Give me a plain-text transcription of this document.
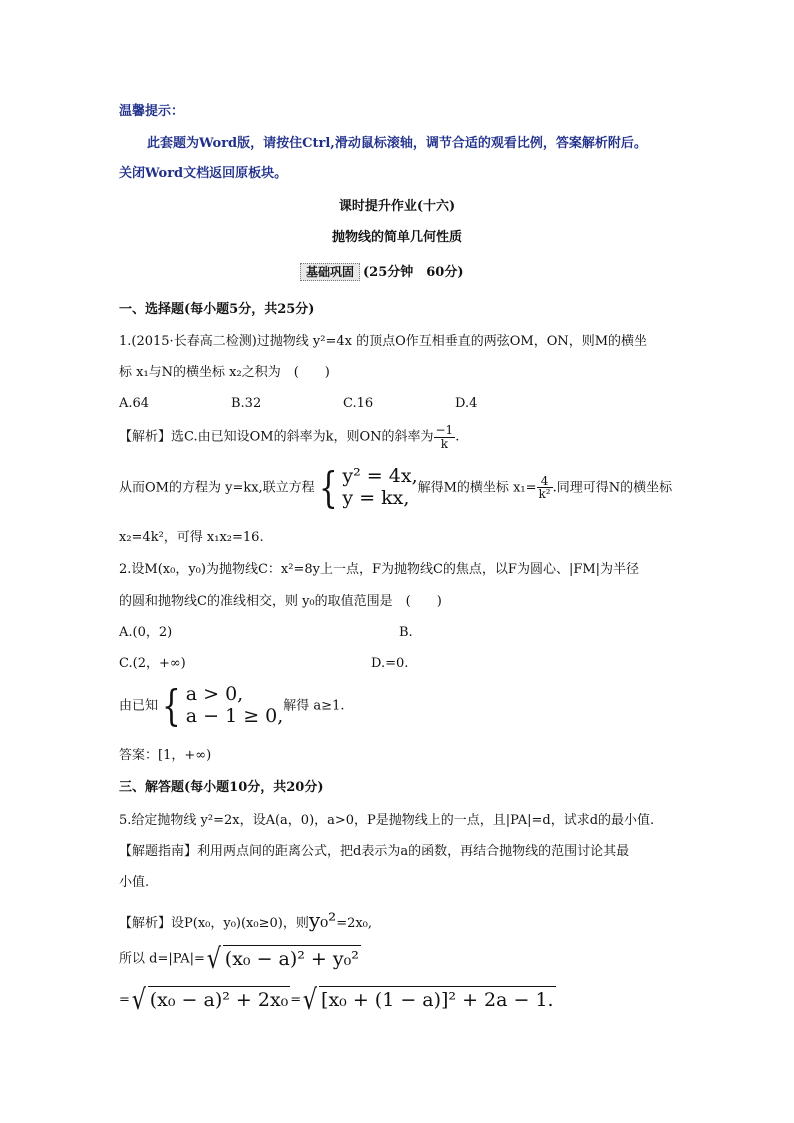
温馨提示：
此套题为Word版，请按住Ctrl,滑动鼠标滚轴，调节合适的观看比例，答案解析附后。
关闭Word文档返回原板块。
课时提升作业(十六)
抛物线的简单几何性质
基础巩固 (25分钟　60分)
一、选择题(每小题5分，共25分)
1.(2015·长春高二检测)过抛物线 y²=4x 的顶点O作互相垂直的两弦OM，ON，则M的横坐
标 x₁与N的横坐标 x₂之积为　(　　)
A.64	B.32	C.16	D.4
【解析】选C.由已知设OM的斜率为k，则ON的斜率为 $\frac{-1}{k}$ .
从而OM的方程为 y=kx,联立方程 { y² = 4x,
y = kx, 解得M的横坐标 $x_1= \frac{4}{\text{k²}}$ .同理可得N的横坐标
x₂=4k²，可得 x₁x₂=16.
2.设M(x₀，y₀)为抛物线C：x²=8y上一点，F为抛物线C的焦点，以F为圆心、|FM|为半径
的圆和抛物线C的准线相交，则 y₀的取值范围是　(　　)
A.(0，2)	B.
C.(2，+∞)	D.=0.
由已知 { a > 0,
a − 1 ≥ 0, 解得 a≥1.
答案：[1，+∞)
三、解答题(每小题10分，共20分)
5.给定抛物线 y²=2x，设A(a，0)，a>0，P是抛物线上的一点，且|PA|=d，试求d的最小值.
【解题指南】利用两点间的距离公式，把d表示为a的函数，再结合抛物线的范围讨论其最
小值.
【解析】设P(x₀，y₀)(x₀≥0)，则y₀²=2x₀,
所以 d=|PA|= √ (x₀ − a)² + y₀²
= √ (x₀ − a)² + 2x₀ = √ [x₀ + (1 − a)]² + 2a − 1.
